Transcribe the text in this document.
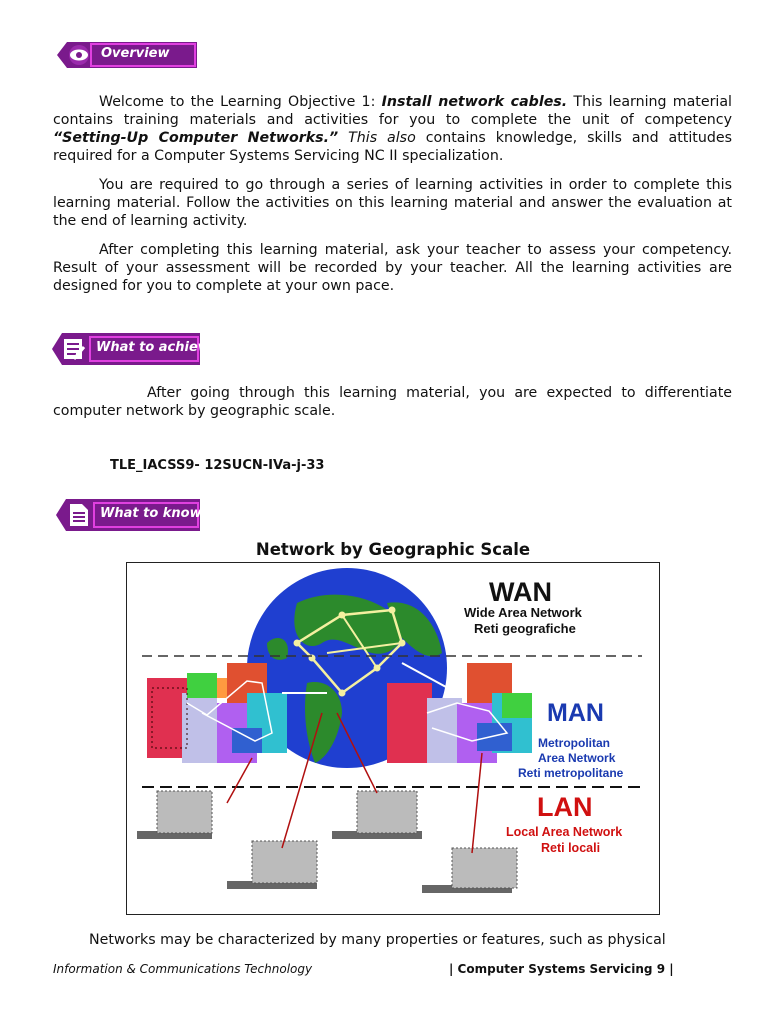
Overview

Welcome to the Learning Objective 1: Install network cables. This learning material contains training materials and activities for you to complete the unit of competency “Setting-Up Computer Networks.” This also contains knowledge, skills and attitudes required for a Computer Systems Servicing NC II specialization.

You are required to go through a series of learning activities in order to complete this learning material. Follow the activities on this learning material and answer the evaluation at the end of learning activity.

After completing this learning material, ask your teacher to assess your competency. Result of your assessment will be recorded by your teacher. All the learning activities are designed for you to complete at your own pace.

What to achieve

After going through this learning material, you are expected to differentiate computer network by geographic scale.

TLE_IACSS9- 12SUCN-IVa-j-33
What to know
Network by Geographic Scale
WAN
Wide Area Network
Reti geografiche
MAN
Metropolitan
Area Network
Reti metropolitane
LAN
Local Area Network
Reti locali

Networks may be characterized by many properties or features, such as physical

Information & Communications Technology	| Computer Systems Servicing 9 |
